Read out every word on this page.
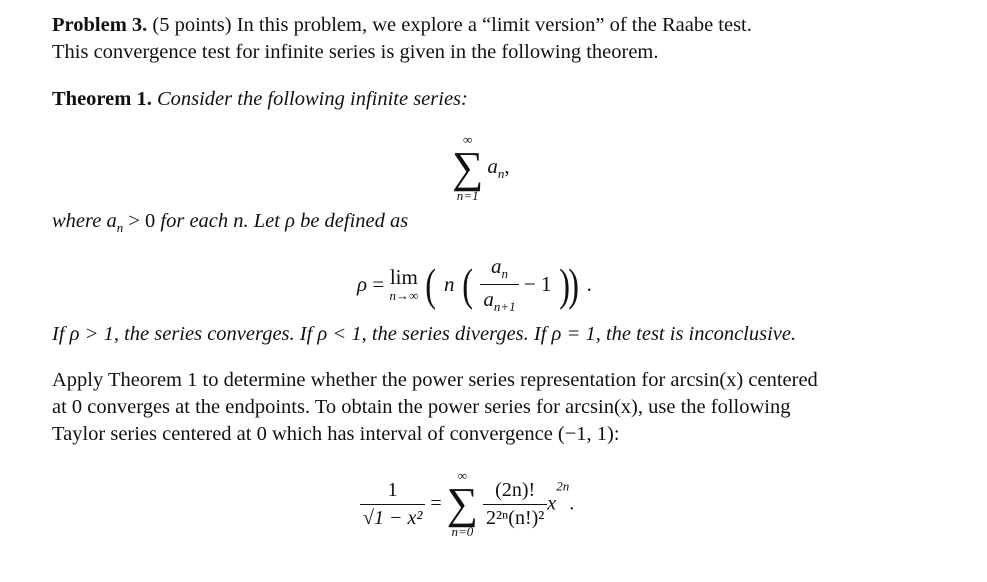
Problem 3. (5 points) In this problem, we explore a “limit version” of the Raabe test.
This convergence test for infinite series is given in the following theorem.
Theorem 1. Consider the following infinite series:
∞
∑
n=1
$a_n$,
where $a_n > 0$ for each n. Let ρ be defined as
ρ = lim
n→∞ ( n ( $\frac{a_n}{a_{n+1}} - 1$ )) .
If ρ > 1, the series converges. If ρ < 1, the series diverges. If ρ = 1, the test is inconclusive.
Apply Theorem 1 to determine whether the power series representation for arcsin(x) centered
at 0 converges at the endpoints. To obtain the power series for arcsin(x), use the following
Taylor series centered at 0 which has interval of convergence (−1, 1):
$\frac{1}{\text{√1 − x²}}$ =
∞
∑
n=0

$\frac{(2n)!}{\text{2²ⁿ(n!)²}} x^{2n}$.
